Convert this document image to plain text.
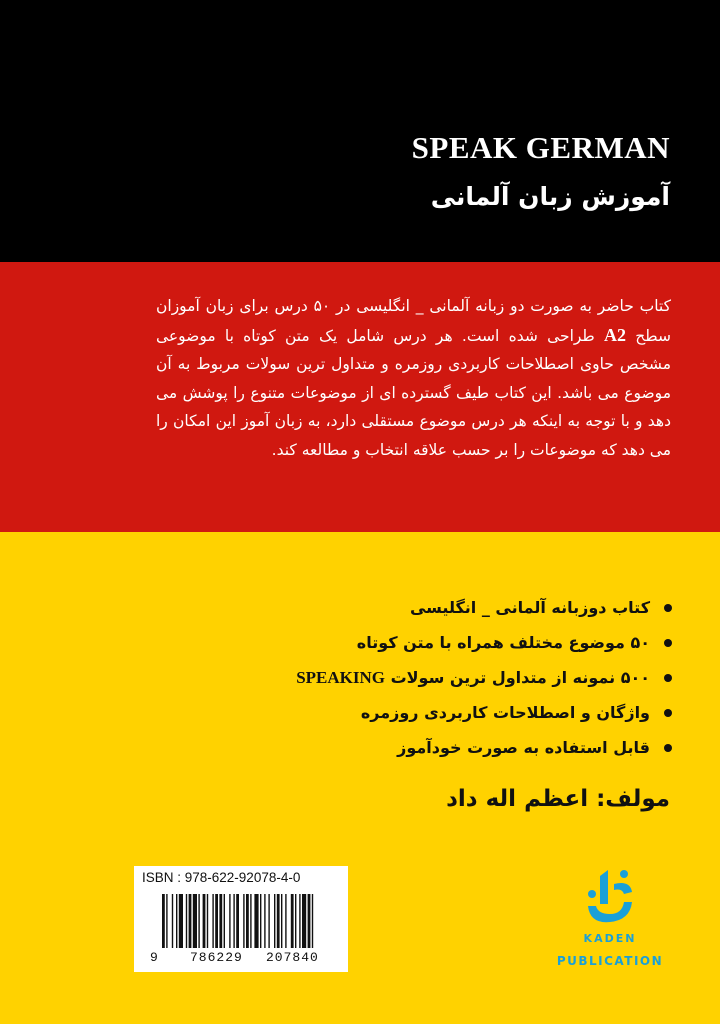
SPEAK GERMAN
آموزش زبان آلمانی

کتاب حاضر به صورت دو زبانه آلمانی _ انگلیسی در ۵۰ درس برای زبان آموزان سطح A2 طراحی شده است. هر درس شامل یک متن کوتاه با موضوعی مشخص حاوی اصطلاحات کاربردی روزمره و متداول ترین سولات مربوط به آن موضوع می باشد. این کتاب طیف گسترده ای از موضوعات متنوع را پوشش می دهد و با توجه به اینکه هر درس موضوع مستقلی دارد، به زبان آموز این امکان را می دهد که موضوعات را بر حسب علاقه انتخاب و مطالعه کند.

کتاب دوزبانه آلمانی _ انگلیسی
۵۰ موضوع مختلف همراه با متن کوتاه
۵۰۰ نمونه از متداول ترین سولات SPEAKING
واژگان و اصطلاحات کاربردی روزمره
قابل استفاده به صورت خودآموز
مولف: اعظم اله داد
ISBN : 978-622-92078-4-0
9 786229 207840
KADEN
PUBLICATION
